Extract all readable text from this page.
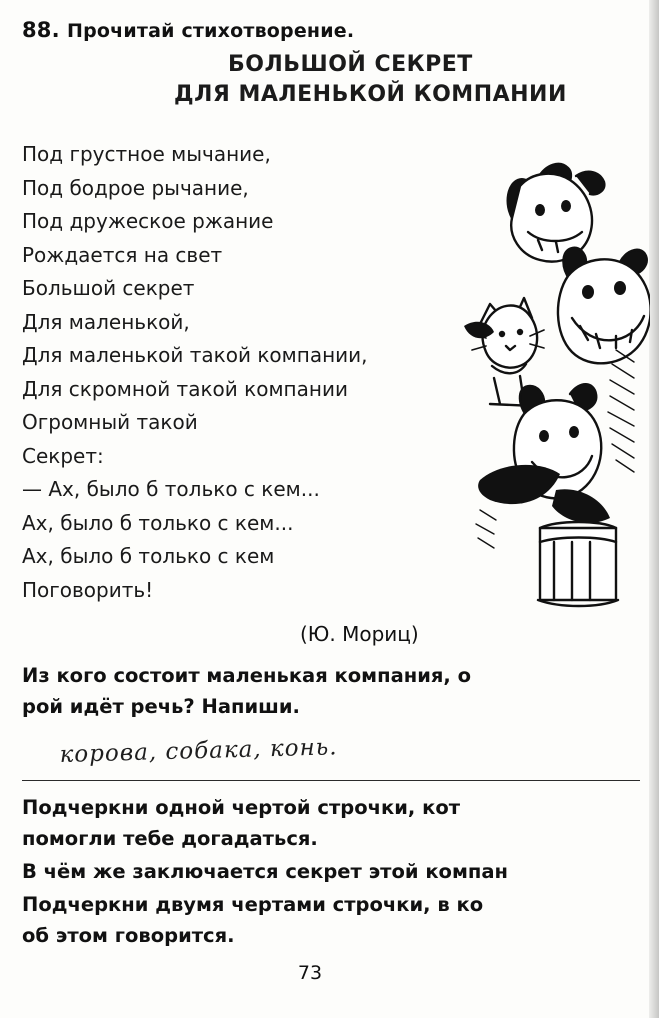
88. Прочитай стихотворение.
БОЛЬШОЙ СЕКРЕТ
ДЛЯ МАЛЕНЬКОЙ КОМПАНИИ
Под грустное мычание,
Под бодрое рычание,
Под дружеское ржание
Рождается на свет
Большой секрет
Для маленькой,
Для маленькой такой компании,
Для скромной такой компании
Огромный такой
Секрет:
— Ах, было б только с кем...
Ах, было б только с кем...
Ах, было б только с кем
Поговорить!
(Ю. Мориц)
Из кого состоит маленькая компания, о
рой идёт речь? Напиши.
корова, собака, конь.
Подчеркни одной чертой строчки, кот
помогли тебе догадаться.
В чём же заключается секрет этой компан
Подчеркни двумя чертами строчки, в ко
об этом говорится.
73
